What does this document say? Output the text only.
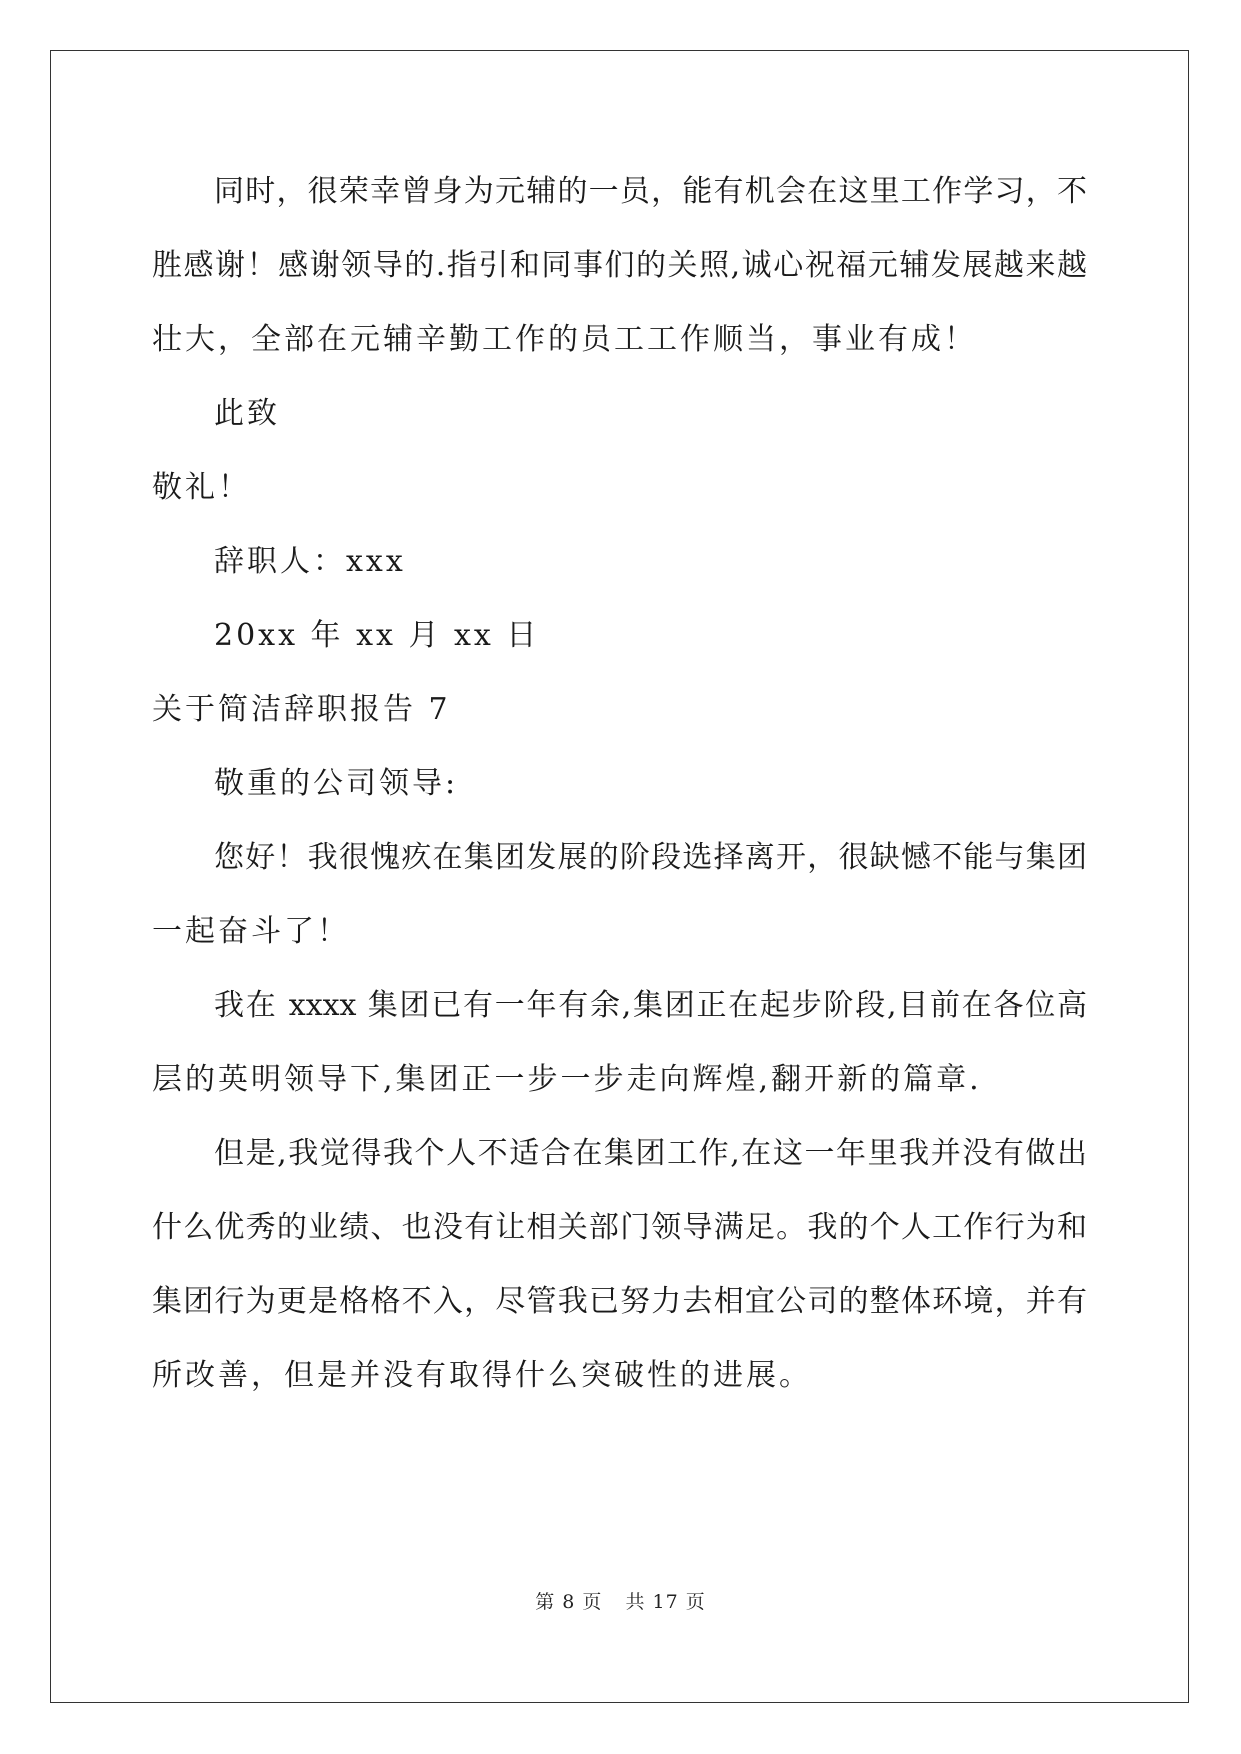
同时，很荣幸曾身为元辅的一员，能有机会在这里工作学习，不
胜感谢！感谢领导的.指引和同事们的关照,诚心祝福元辅发展越来越
壮大，全部在元辅辛勤工作的员工工作顺当，事业有成！
此致
敬礼！
辞职人：xxx
20xx 年 xx 月 xx 日
关于简洁辞职报告 7
敬重的公司领导:
您好！我很愧疚在集团发展的阶段选择离开，很缺憾不能与集团
一起奋斗了！
我在 xxxx 集团已有一年有余,集团正在起步阶段,目前在各位高
层的英明领导下,集团正一步一步走向辉煌,翻开新的篇章.
但是,我觉得我个人不适合在集团工作,在这一年里我并没有做出
什么优秀的业绩、也没有让相关部门领导满足。我的个人工作行为和
集团行为更是格格不入，尽管我已努力去相宜公司的整体环境，并有
所改善，但是并没有取得什么突破性的进展。
第 8 页 共 17 页
